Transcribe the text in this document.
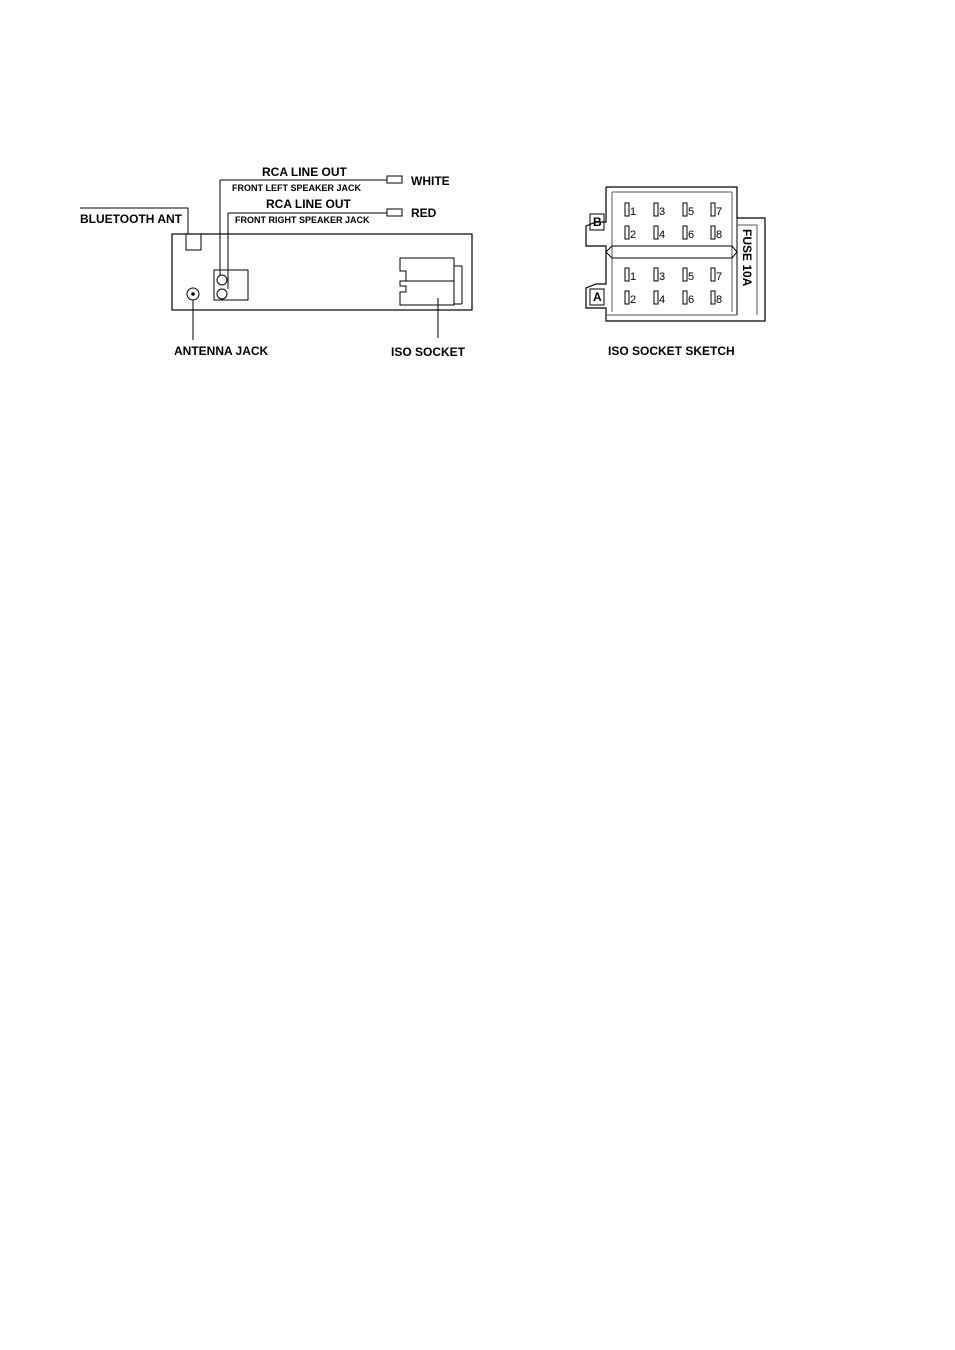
BLUETOOTH ANT
RCA LINE OUT
FRONT LEFT SPEAKER JACK	WHITE
RCA LINE OUT
FRONT RIGHT SPEAKER JACK	RED
ANTENNA JACK	ISO SOCKET
B
A
1
2
3
4
5
6
7
8
1
2
3
4
5
6
7
8
FUSE 10A
ISO SOCKET SKETCH
